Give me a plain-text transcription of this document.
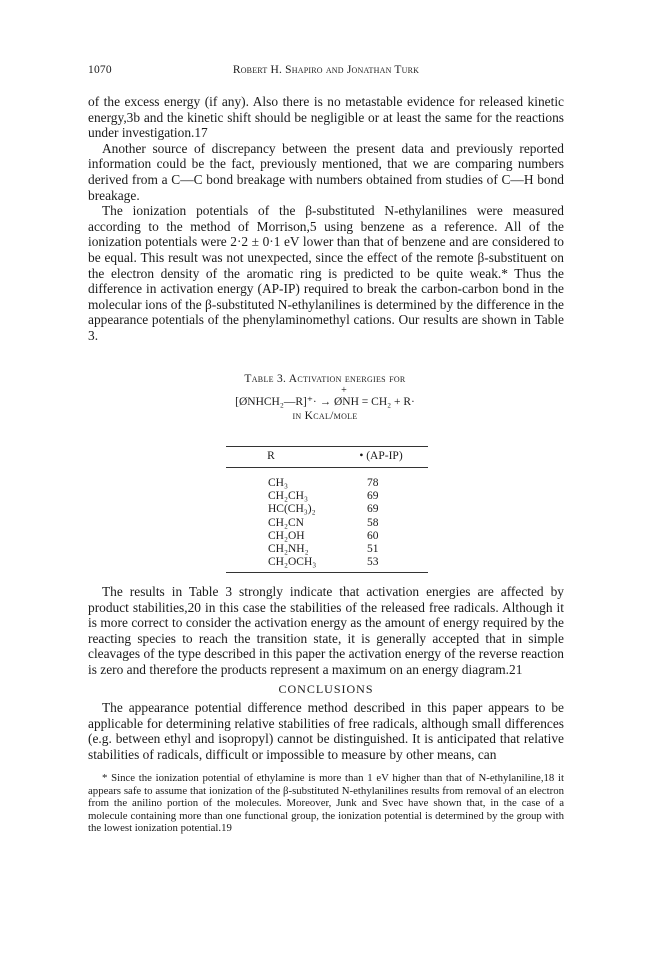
1070	Robert H. Shapiro and Jonathan Turk

of the excess energy (if any). Also there is no metastable evidence for released kinetic energy,3b and the kinetic shift should be negligible or at least the same for the reactions under investigation.17

Another source of discrepancy between the present data and previously reported information could be the fact, previously mentioned, that we are comparing numbers derived from a C—C bond breakage with numbers obtained from studies of C—H bond breakage.

The ionization potentials of the β-substituted N-ethylanilines were measured according to the method of Morrison,5 using benzene as a reference. All of the ionization potentials were 2·2 ± 0·1 eV lower than that of benzene and are considered to be equal. This result was not unexpected, since the effect of the remote β-substituent on the electron density of the aromatic ring is predicted to be quite weak.* Thus the difference in activation energy (AP-IP) required to break the carbon-carbon bond in the molecular ions of the β-substituted N-ethylanilines is determined by the difference in the appearance potentials of the phenylaminomethyl cations. Our results are shown in Table 3.

Table 3. Activation energies for
+
[ØNHCH₂—R]⁺· → ØNH = CH₂ + R·
in Kcal/mole
R	• (AP-IP)
CH₃	78
CH₂CH₃	69
HC(CH₃)₂	69
CH₂CN	58
CH₂OH	60
CH₂NH₂	51
CH₂OCH₃	53

The results in Table 3 strongly indicate that activation energies are affected by product stabilities,20 in this case the stabilities of the released free radicals. Although it is more correct to consider the activation energy as the amount of energy required by the reacting species to reach the transition state, it is generally accepted that in simple cleavages of the type described in this paper the activation energy of the reverse reaction is zero and therefore the products represent a maximum on an energy diagram.21

CONCLUSIONS

The appearance potential difference method described in this paper appears to be applicable for determining relative stabilities of free radicals, although small differences (e.g. between ethyl and isopropyl) cannot be distinguished. It is anticipated that relative stabilities of radicals, difficult or impossible to measure by other means, can

* Since the ionization potential of ethylamine is more than 1 eV higher than that of N-ethylaniline,18 it appears safe to assume that ionization of the β-substituted N-ethylanilines results from removal of an electron from the anilino portion of the molecules. Moreover, Junk and Svec have shown that, in the case of a molecule containing more than one functional group, the ionization potential is determined by the group with the lowest ionization potential.19
